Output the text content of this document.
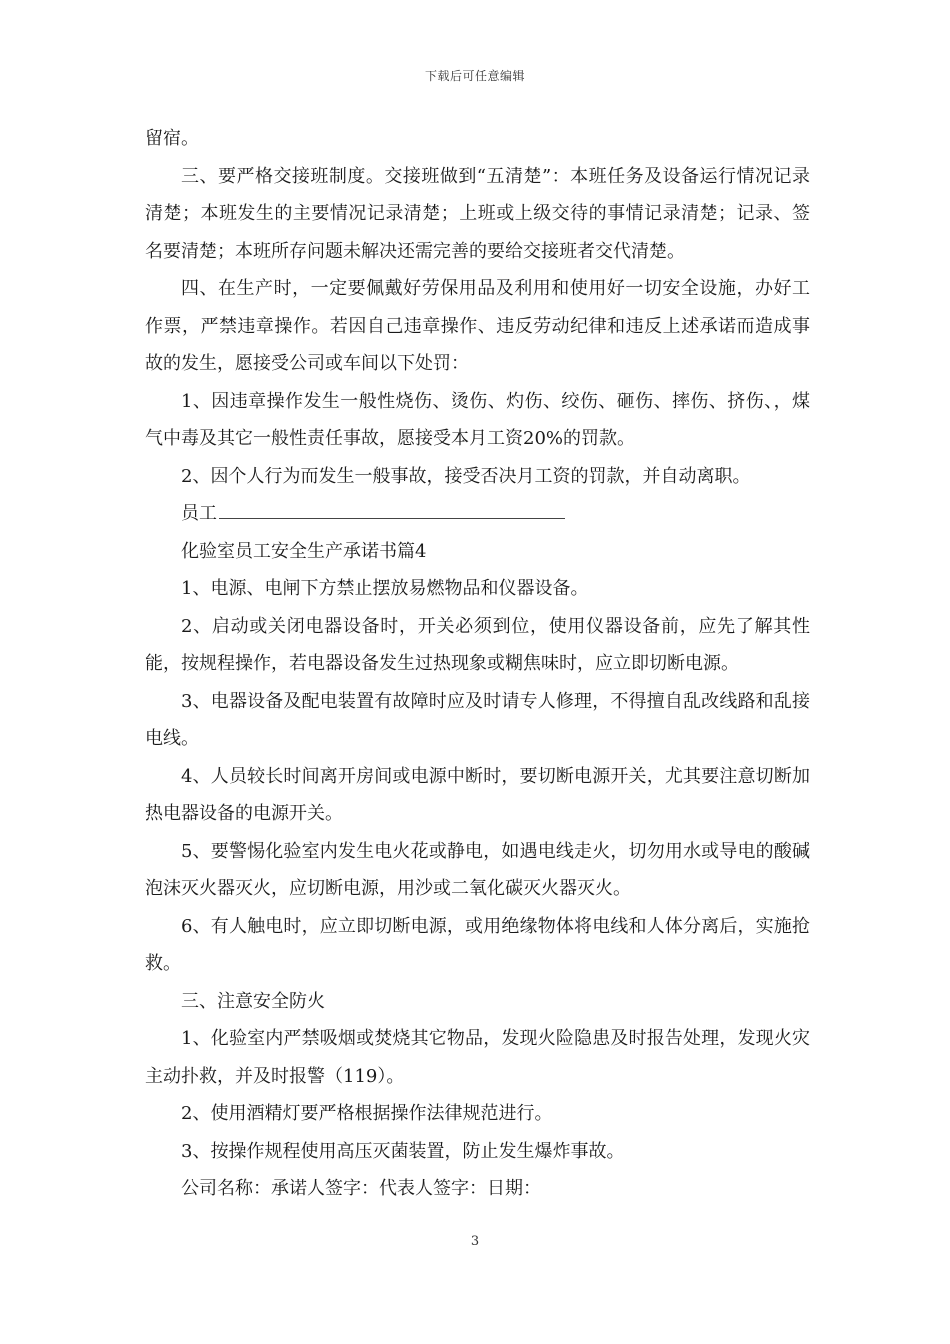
下载后可任意编辑

留宿。

三、要严格交接班制度。交接班做到“五清楚”：本班任务及设备运行情况记录清楚；本班发生的主要情况记录清楚；上班或上级交待的事情记录清楚；记录、签名要清楚；本班所存问题未解决还需完善的要给交接班者交代清楚。

四、在生产时，一定要佩戴好劳保用品及利用和使用好一切安全设施，办好工作票，严禁违章操作。若因自己违章操作、违反劳动纪律和违反上述承诺而造成事故的发生，愿接受公司或车间以下处罚：

1、因违章操作发生一般性烧伤、烫伤、灼伤、绞伤、砸伤、摔伤、挤伤、，煤气中毒及其它一般性责任事故，愿接受本月工资20%的罚款。

2、因个人行为而发生一般事故，接受否决月工资的罚款，并自动离职。

员工

化验室员工安全生产承诺书篇4

1、电源、电闸下方禁止摆放易燃物品和仪器设备。

2、启动或关闭电器设备时，开关必须到位，使用仪器设备前，应先了解其性能，按规程操作，若电器设备发生过热现象或糊焦味时，应立即切断电源。

3、电器设备及配电装置有故障时应及时请专人修理，不得擅自乱改线路和乱接电线。

4、人员较长时间离开房间或电源中断时，要切断电源开关，尤其要注意切断加热电器设备的电源开关。

5、要警惕化验室内发生电火花或静电，如遇电线走火，切勿用水或导电的酸碱泡沫灭火器灭火，应切断电源，用沙或二氧化碳灭火器灭火。

6、有人触电时，应立即切断电源，或用绝缘物体将电线和人体分离后，实施抢救。

三、注意安全防火

1、化验室内严禁吸烟或焚烧其它物品，发现火险隐患及时报告处理，发现火灾主动扑救，并及时报警（119）。

2、使用酒精灯要严格根据操作法律规范进行。

3、按操作规程使用高压灭菌装置，防止发生爆炸事故。

公司名称：承诺人签字：代表人签字：日期：

3
